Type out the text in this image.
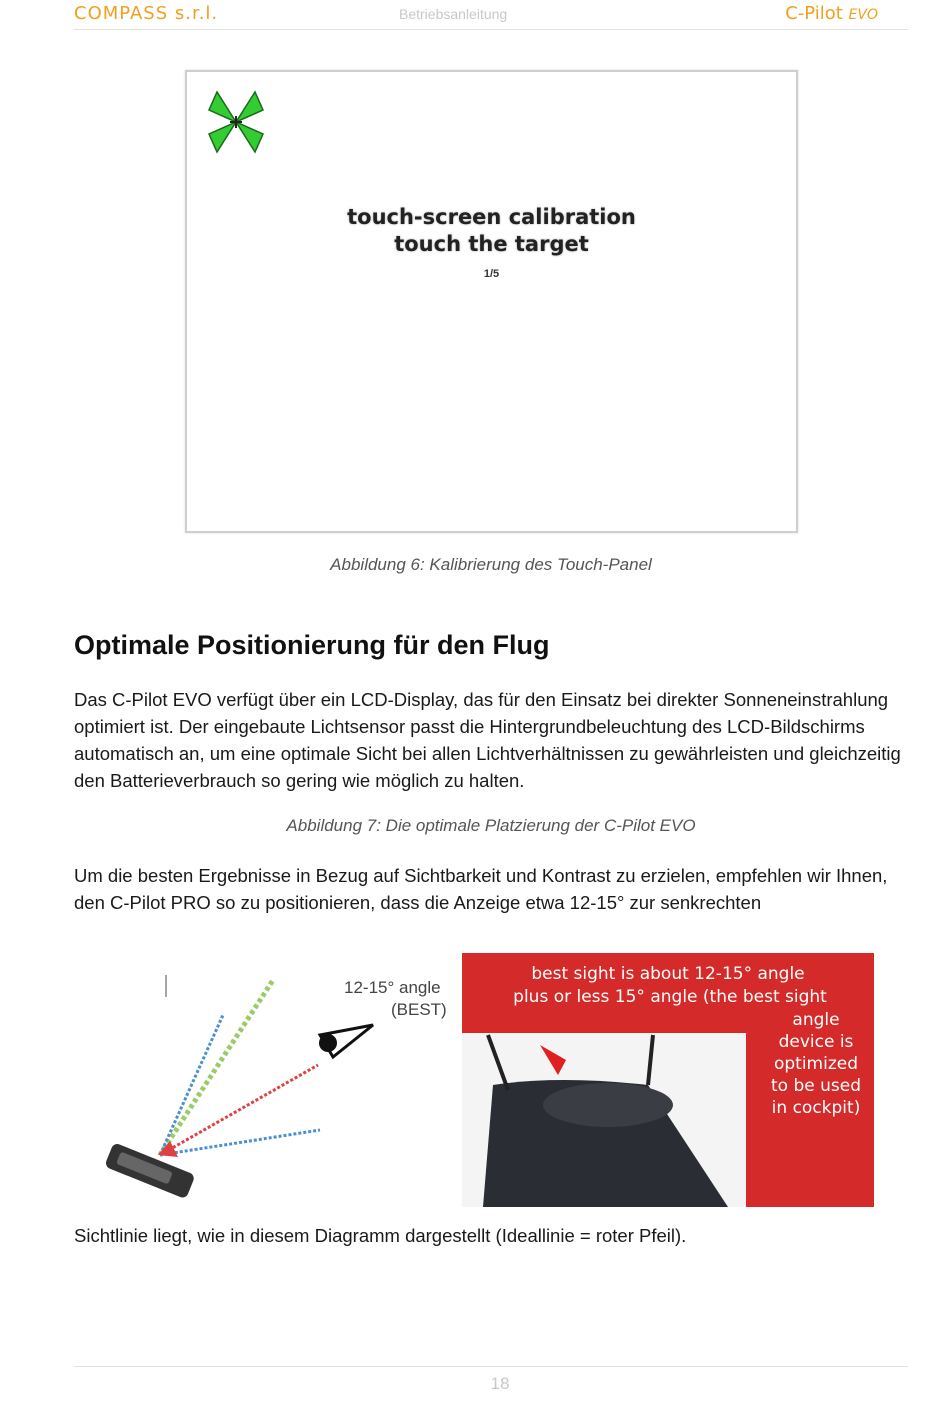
COMPASS s.r.l.	Betriebsanleitung	C-Pilot EVO
touch-screen calibration
touch the target
1/5
Abbildung 6: Kalibrierung des Touch-Panel
Optimale Positionierung für den Flug

Das C-Pilot EVO verfügt über ein LCD-Display, das für den Einsatz bei direkter Sonneneinstrahlung optimiert ist. Der eingebaute Lichtsensor passt die Hintergrundbeleuchtung des LCD-Bildschirms automatisch an, um eine optimale Sicht bei allen Lichtverhältnissen zu gewährleisten und gleichzeitig den Batterieverbrauch so gering wie möglich zu halten.

Abbildung 7: Die optimale Platzierung der C-Pilot EVO

Um die besten Ergebnisse in Bezug auf Sichtbarkeit und Kontrast zu erzielen, empfehlen wir Ihnen, den C-Pilot PRO so zu positionieren, dass die Anzeige etwa 12-15° zur senkrechten

12-15° angle
(BEST)
best sight is about 12-15° angle
plus or less 15° angle (the best sight
angle
device is
optimized
to be used
in cockpit)

Sichtlinie liegt, wie in diesem Diagramm dargestellt (Ideallinie = roter Pfeil).

18
